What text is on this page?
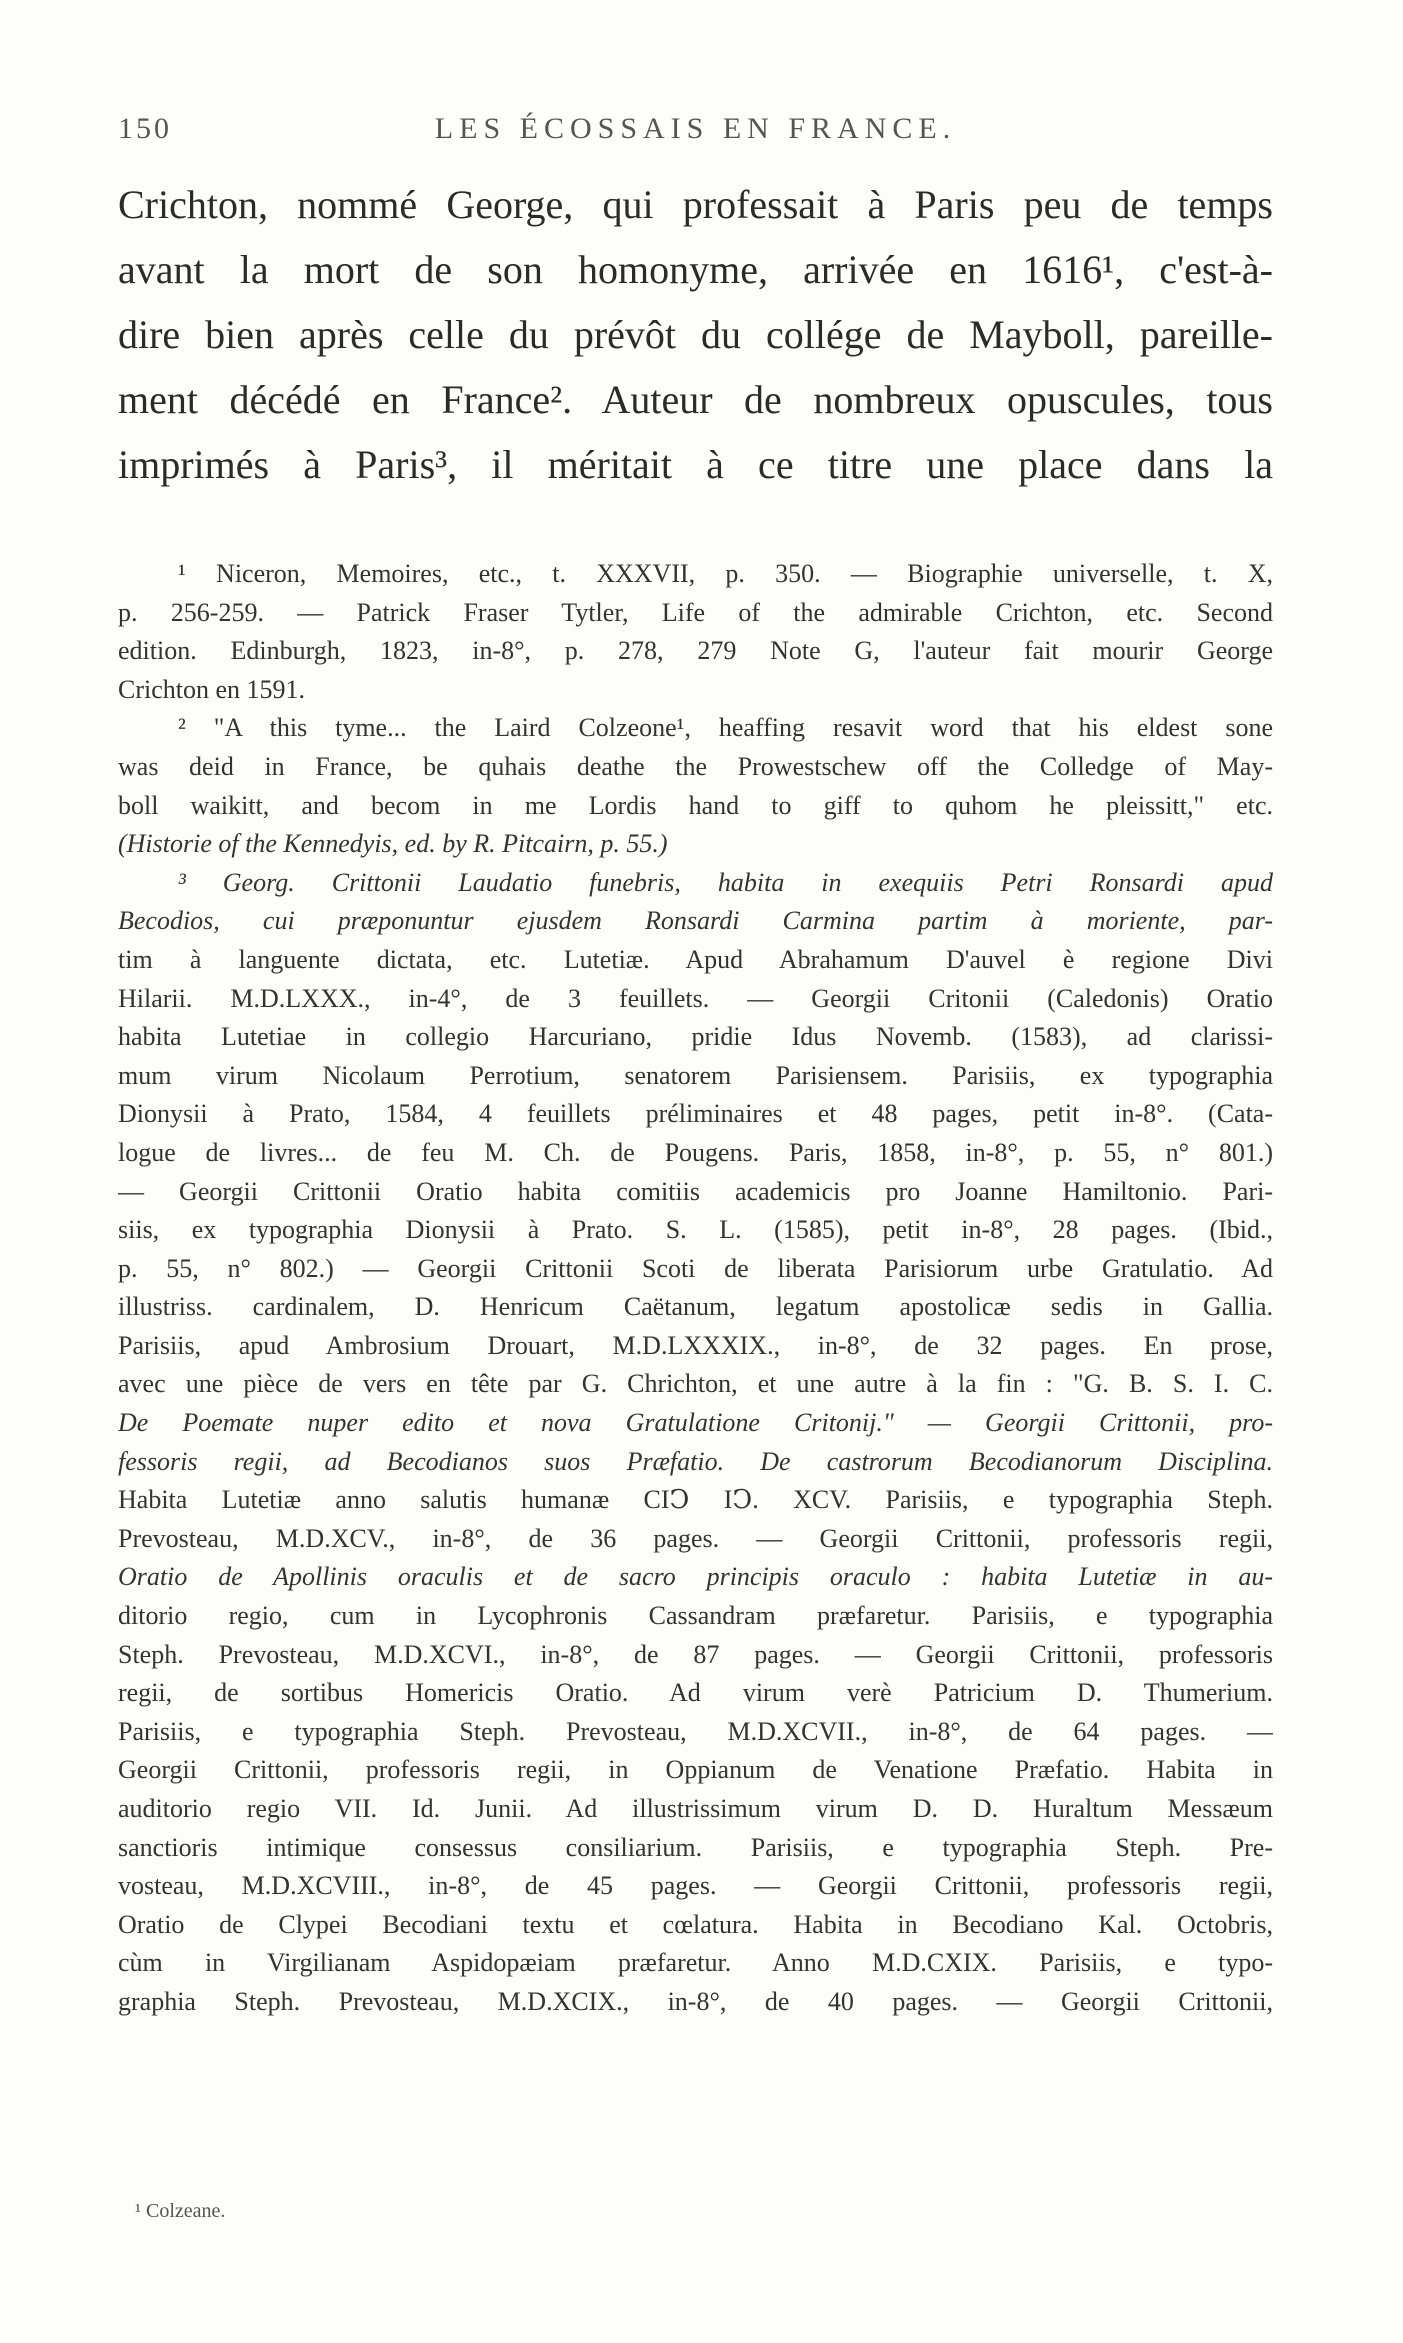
150	LES ÉCOSSAIS EN FRANCE.
Crichton, nommé George, qui professait à Paris peu de temps
avant la mort de son homonyme, arrivée en 1616¹, c'est-à-
dire bien après celle du prévôt du collége de Mayboll, pareille-
ment décédé en France². Auteur de nombreux opuscules, tous
imprimés à Paris³, il méritait à ce titre une place dans la
¹ Niceron, Memoires, etc., t. XXXVII, p. 350. — Biographie universelle, t. X,
p. 256-259. — Patrick Fraser Tytler, Life of the admirable Crichton, etc. Second
edition. Edinburgh, 1823, in-8°, p. 278, 279 Note G, l'auteur fait mourir George
Crichton en 1591.
² "A this tyme... the Laird Colzeone¹, heaffing resavit word that his eldest sone
was deid in France, be quhais deathe the Prowestschew off the Colledge of May-
boll waikitt, and becom in me Lordis hand to giff to quhom he pleissitt," etc.
(Historie of the Kennedyis, ed. by R. Pitcairn, p. 55.)
³ Georg. Crittonii Laudatio funebris, habita in exequiis Petri Ronsardi apud
Becodios, cui præponuntur ejusdem Ronsardi Carmina partim à moriente, par-
tim à languente dictata, etc. Lutetiæ. Apud Abrahamum D'auvel è regione Divi
Hilarii. M.D.LXXX., in-4°, de 3 feuillets. — Georgii Critonii (Caledonis) Oratio
habita Lutetiae in collegio Harcuriano, pridie Idus Novemb. (1583), ad clarissi-
mum virum Nicolaum Perrotium, senatorem Parisiensem. Parisiis, ex typographia
Dionysii à Prato, 1584, 4 feuillets préliminaires et 48 pages, petit in-8°. (Cata-
logue de livres... de feu M. Ch. de Pougens. Paris, 1858, in-8°, p. 55, n° 801.)
— Georgii Crittonii Oratio habita comitiis academicis pro Joanne Hamiltonio. Pari-
siis, ex typographia Dionysii à Prato. S. L. (1585), petit in-8°, 28 pages. (Ibid.,
p. 55, n° 802.) — Georgii Crittonii Scoti de liberata Parisiorum urbe Gratulatio. Ad
illustriss. cardinalem, D. Henricum Caëtanum, legatum apostolicæ sedis in Gallia.
Parisiis, apud Ambrosium Drouart, M.D.LXXXIX., in-8°, de 32 pages. En prose,
avec une pièce de vers en tête par G. Chrichton, et une autre à la fin : "G. B. S. I. C.
De Poemate nuper edito et nova Gratulatione Critonij." — Georgii Crittonii, pro-
fessoris regii, ad Becodianos suos Præfatio. De castrorum Becodianorum Disciplina.
Habita Lutetiæ anno salutis humanæ CIↃ IↃ. XCV. Parisiis, e typographia Steph.
Prevosteau, M.D.XCV., in-8°, de 36 pages. — Georgii Crittonii, professoris regii,
Oratio de Apollinis oraculis et de sacro principis oraculo : habita Lutetiæ in au-
ditorio regio, cum in Lycophronis Cassandram præfaretur. Parisiis, e typographia
Steph. Prevosteau, M.D.XCVI., in-8°, de 87 pages. — Georgii Crittonii, professoris
regii, de sortibus Homericis Oratio. Ad virum verè Patricium D. Thumerium.
Parisiis, e typographia Steph. Prevosteau, M.D.XCVII., in-8°, de 64 pages. —
Georgii Crittonii, professoris regii, in Oppianum de Venatione Præfatio. Habita in
auditorio regio VII. Id. Junii. Ad illustrissimum virum D. D. Huraltum Messæum
sanctioris intimique consessus consiliarium. Parisiis, e typographia Steph. Pre-
vosteau, M.D.XCVIII., in-8°, de 45 pages. — Georgii Crittonii, professoris regii,
Oratio de Clypei Becodiani textu et cœlatura. Habita in Becodiano Kal. Octobris,
cùm in Virgilianam Aspidopæiam præfaretur. Anno M.D.CXIX. Parisiis, e typo-
graphia Steph. Prevosteau, M.D.XCIX., in-8°, de 40 pages. — Georgii Crittonii,
¹ Colzeane.
